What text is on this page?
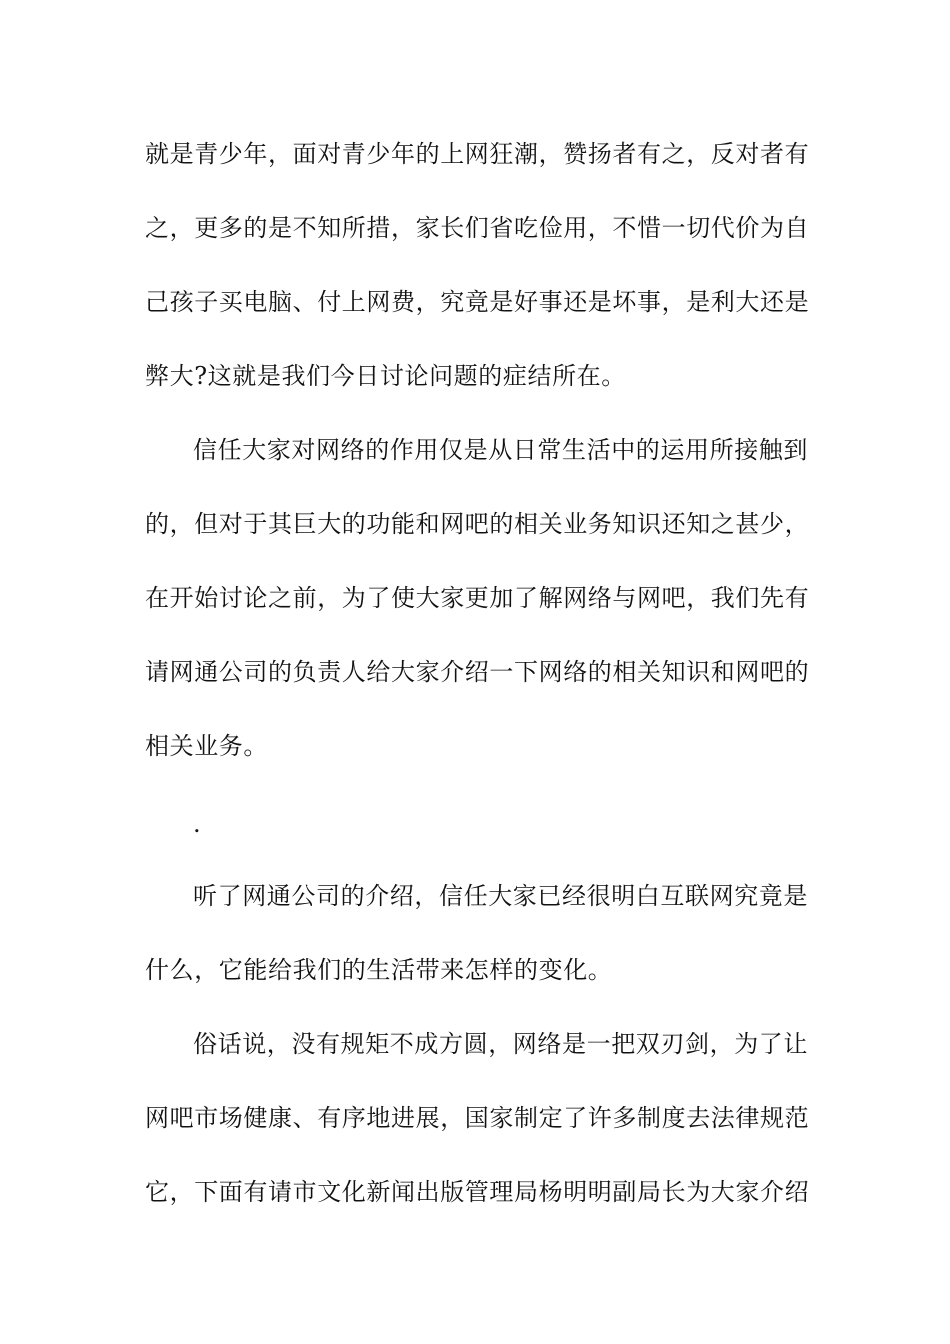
就是青少年，面对青少年的上网狂潮，赞扬者有之，反对者有
之，更多的是不知所措，家长们省吃俭用，不惜一切代价为自
己孩子买电脑、付上网费，究竟是好事还是坏事，是利大还是
弊大?这就是我们今日讨论问题的症结所在。
信任大家对网络的作用仅是从日常生活中的运用所接触到
的，但对于其巨大的功能和网吧的相关业务知识还知之甚少，
在开始讨论之前，为了使大家更加了解网络与网吧，我们先有
请网通公司的负责人给大家介绍一下网络的相关知识和网吧的
相关业务。
.
听了网通公司的介绍，信任大家已经很明白互联网究竟是
什么，它能给我们的生活带来怎样的变化。
俗话说，没有规矩不成方圆，网络是一把双刃剑，为了让
网吧市场健康、有序地进展，国家制定了许多制度去法律规范
它，下面有请市文化新闻出版管理局杨明明副局长为大家介绍
